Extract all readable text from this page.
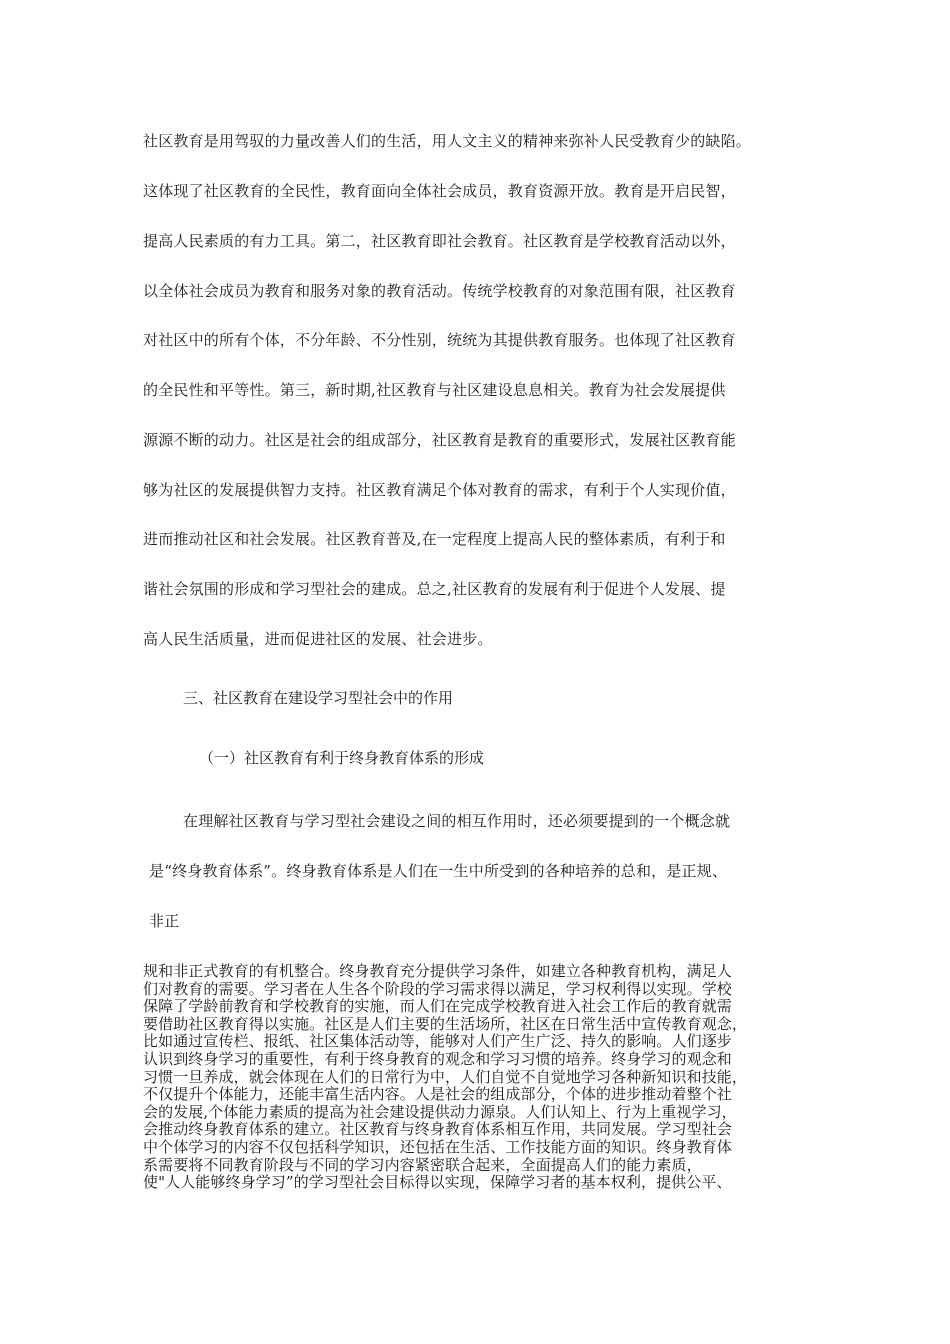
社区教育是用驾驭的力量改善人们的生活，用人文主义的精神来弥补人民受教育少的缺陷。
这体现了社区教育的全民性，教育面向全体社会成员，教育资源开放。教育是开启民智，
提高人民素质的有力工具。第二，社区教育即社会教育。社区教育是学校教育活动以外，
以全体社会成员为教育和服务对象的教育活动。传统学校教育的对象范围有限，社区教育
对社区中的所有个体，不分年龄、不分性别，统统为其提供教育服务。也体现了社区教育
的全民性和平等性。第三，新时期,社区教育与社区建设息息相关。教育为社会发展提供
源源不断的动力。社区是社会的组成部分，社区教育是教育的重要形式，发展社区教育能
够为社区的发展提供智力支持。社区教育满足个体对教育的需求，有利于个人实现价值，
进而推动社区和社会发展。社区教育普及,在一定程度上提高人民的整体素质，有利于和
谐社会氛围的形成和学习型社会的建成。总之,社区教育的发展有利于促进个人发展、提
高人民生活质量，进而促进社区的发展、社会进步。
三、社区教育在建设学习型社会中的作用
（一）社区教育有利于终身教育体系的形成
在理解社区教育与学习型社会建设之间的相互作用时，还必须要提到的一个概念就
是“终身教育体系”。终身教育体系是人们在一生中所受到的各种培养的总和，是正规、
非正
规和非正式教育的有机整合。终身教育充分提供学习条件，如建立各种教育机构，满足人
们对教育的需要。学习者在人生各个阶段的学习需求得以满足，学习权利得以实现。学校
保障了学龄前教育和学校教育的实施，而人们在完成学校教育进入社会工作后的教育就需
要借助社区教育得以实施。社区是人们主要的生活场所，社区在日常生活中宣传教育观念，
比如通过宣传栏、报纸、社区集体活动等，能够对人们产生广泛、持久的影响。人们逐步
认识到终身学习的重要性，有利于终身教育的观念和学习习惯的培养。终身学习的观念和
习惯一旦养成，就会体现在人们的日常行为中，人们自觉不自觉地学习各种新知识和技能，
不仅提升个体能力，还能丰富生活内容。人是社会的组成部分，个体的进步推动着整个社
会的发展,个体能力素质的提高为社会建设提供动力源泉。人们认知上、行为上重视学习，
会推动终身教育体系的建立。社区教育与终身教育体系相互作用，共同发展。学习型社会
中个体学习的内容不仅包括科学知识，还包括在生活、工作技能方面的知识。终身教育体
系需要将不同教育阶段与不同的学习内容紧密联合起来，全面提高人们的能力素质，
使"人人能够终身学习”的学习型社会目标得以实现，保障学习者的基本权利，提供公平、
